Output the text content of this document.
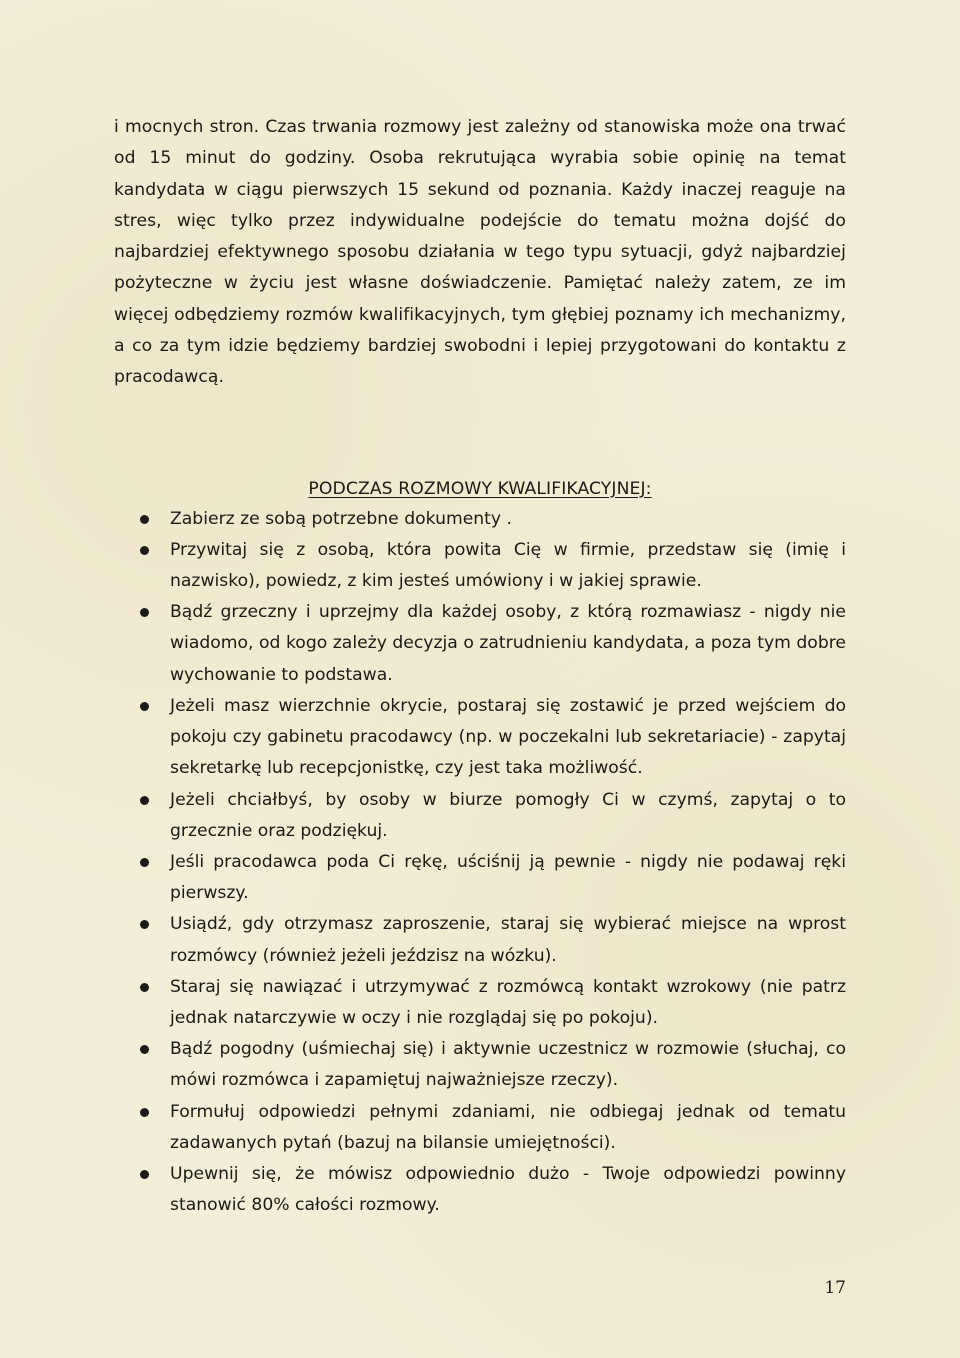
i mocnych stron. Czas trwania rozmowy jest zależny od stanowiska może ona trwać od 15 minut do godziny. Osoba rekrutująca wyrabia sobie opinię na temat kandydata w ciągu pierwszych 15 sekund od poznania. Każdy inaczej reaguje na stres, więc tylko przez indywidualne podejście do tematu można dojść do najbardziej efektywnego sposobu działania w tego typu sytuacji, gdyż najbardziej pożyteczne w życiu jest własne doświadczenie. Pamiętać należy zatem, ze im więcej odbędziemy rozmów kwalifikacyjnych, tym głębiej poznamy ich mechanizmy, a co za tym idzie będziemy bardziej swobodni i lepiej przygotowani do kontaktu z pracodawcą.

PODCZAS ROZMOWY KWALIFIKACYJNEJ:
Zabierz ze sobą potrzebne dokumenty .
Przywitaj się z osobą, która powita Cię w firmie, przedstaw się (imię i nazwisko), powiedz, z kim jesteś umówiony i w jakiej sprawie.
Bądź grzeczny i uprzejmy dla każdej osoby, z którą rozmawiasz - nigdy nie wiadomo, od kogo zależy decyzja o zatrudnieniu kandydata, a poza tym dobre wychowanie to podstawa.
Jeżeli masz wierzchnie okrycie, postaraj się zostawić je przed wejściem do pokoju czy gabinetu pracodawcy (np. w poczekalni lub sekretariacie) - zapytaj sekretarkę lub recepcjonistkę, czy jest taka możliwość.
Jeżeli chciałbyś, by osoby w biurze pomogły Ci w czymś, zapytaj o to grzecznie oraz podziękuj.
Jeśli pracodawca poda Ci rękę, uściśnij ją pewnie - nigdy nie podawaj ręki pierwszy.
Usiądź, gdy otrzymasz zaproszenie, staraj się wybierać miejsce na wprost rozmówcy (również jeżeli jeździsz na wózku).
Staraj się nawiązać i utrzymywać z rozmówcą kontakt wzrokowy (nie patrz jednak natarczywie w oczy i nie rozglądaj się po pokoju).
Bądź pogodny (uśmiechaj się) i aktywnie uczestnicz w rozmowie (słuchaj, co mówi rozmówca i zapamiętuj najważniejsze rzeczy).
Formułuj odpowiedzi pełnymi zdaniami, nie odbiegaj jednak od tematu zadawanych pytań (bazuj na bilansie umiejętności).
Upewnij się, że mówisz odpowiednio dużo - Twoje odpowiedzi powinny stanowić 80% całości rozmowy.
17
